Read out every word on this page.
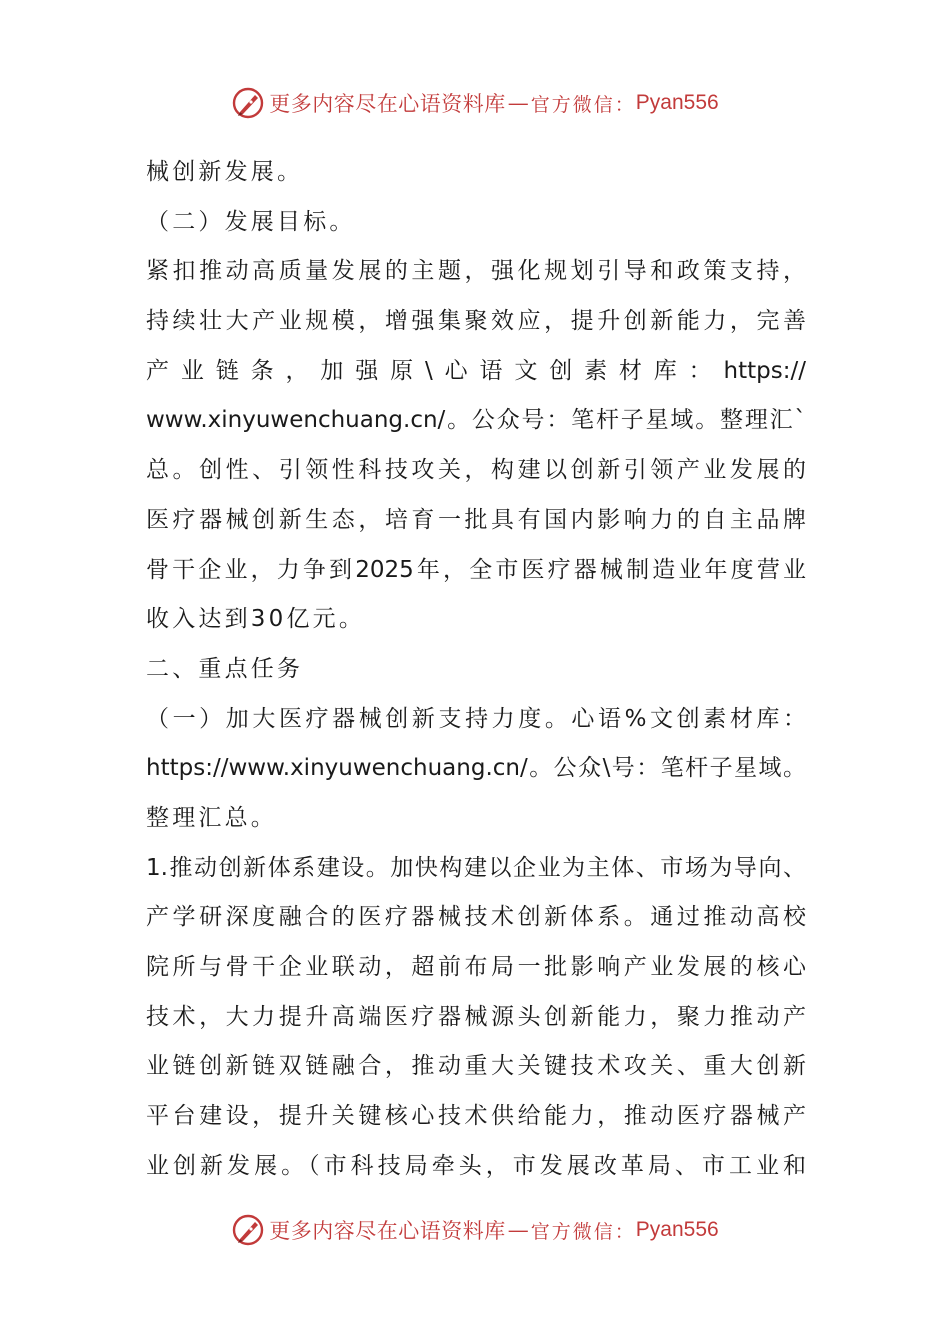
更多内容尽在心语资料库 — 官方微信： Pyan556
械创新发展。
（二）发展目标。
紧扣推动高质量发展的主题，强化规划引导和政策支持，
持续壮大产业规模，增强集聚效应，提升创新能力，完善
产业链条，加强原\心语文创素材库：https://
www.xinyuwenchuang.cn/。公众号：笔杆子星域。整理汇`
总。创性、引领性科技攻关，构建以创新引领产业发展的
医疗器械创新生态，培育一批具有国内影响力的自主品牌
骨干企业，力争到2025年，全市医疗器械制造业年度营业
收入达到30亿元。
二、重点任务
（一）加大医疗器械创新支持力度。心语%文创素材库：
https://www.xinyuwenchuang.cn/。公众\号：笔杆子星域。
整理汇总。
1.推动创新体系建设。加快构建以企业为主体、市场为导向、
产学研深度融合的医疗器械技术创新体系。通过推动高校
院所与骨干企业联动，超前布局一批影响产业发展的核心
技术，大力提升高端医疗器械源头创新能力，聚力推动产
业链创新链双链融合，推动重大关键技术攻关、重大创新
平台建设，提升关键核心技术供给能力，推动医疗器械产
业创新发展。（市科技局牵头，市发展改革局、市工业和
更多内容尽在心语资料库 — 官方微信： Pyan556
